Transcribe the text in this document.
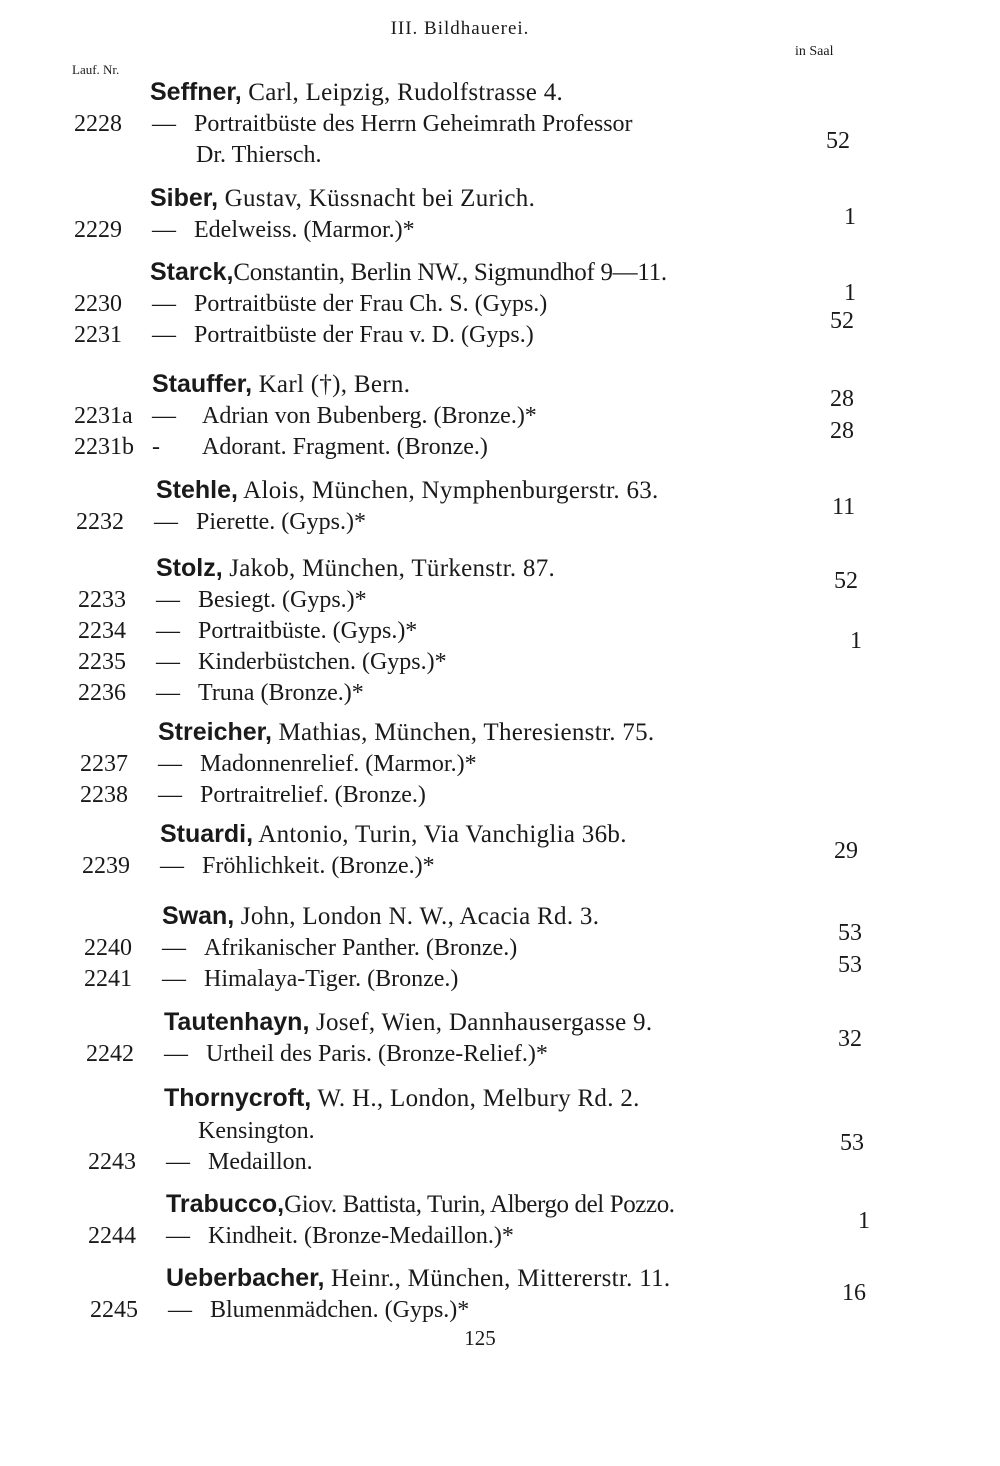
III. Bildhauerei.
Lauf. Nr.
in Saal
Seffner, Carl, Leipzig, Rudolfstrasse 4.
2228 — Portraitbüste des Herrn Geheimrath Professor
Dr. Thiersch.
52
Siber, Gustav, Küssnacht bei Zurich.
2229 — Edelweiss. (Marmor.)*	1
Starck,Constantin, Berlin NW., Sigmundhof 9—11.
2230 — Portraitbüste der Frau Ch. S. (Gyps.)
2231 — Portraitbüste der Frau v. D. (Gyps.)
1
52
Stauffer, Karl (†), Bern.
2231a — Adrian von Bubenberg. (Bronze.)*
2231b - Adorant. Fragment. (Bronze.)
28
28
Stehle, Alois, München, Nymphenburgerstr. 63.
2232 — Pierette. (Gyps.)*
11
Stolz, Jakob, München, Türkenstr. 87.
2233 — Besiegt. (Gyps.)*
2234 — Portraitbüste. (Gyps.)*
2235 — Kinderbüstchen. (Gyps.)*
2236 — Truna (Bronze.)*
52
1
Streicher, Mathias, München, Theresienstr. 75.
2237 — Madonnenrelief. (Marmor.)*
2238 — Portraitrelief. (Bronze.)
Stuardi, Antonio, Turin, Via Vanchiglia 36b.
2239 — Fröhlichkeit. (Bronze.)*
29
Swan, John, London N. W., Acacia Rd. 3.
2240 — Afrikanischer Panther. (Bronze.)
2241 — Himalaya-Tiger. (Bronze.)
53
53
Tautenhayn, Josef, Wien, Dannhausergasse 9.
2242 — Urtheil des Paris. (Bronze-Relief.)*
32
Thornycroft, W. H., London, Melbury Rd. 2.
Kensington.
2243 — Medaillon.
53
Trabucco,Giov. Battista, Turin, Albergo del Pozzo.
2244 — Kindheit. (Bronze-Medaillon.)*
1
Ueberbacher, Heinr., München, Mittererstr. 11.
2245 — Blumenmädchen. (Gyps.)*
16
125
